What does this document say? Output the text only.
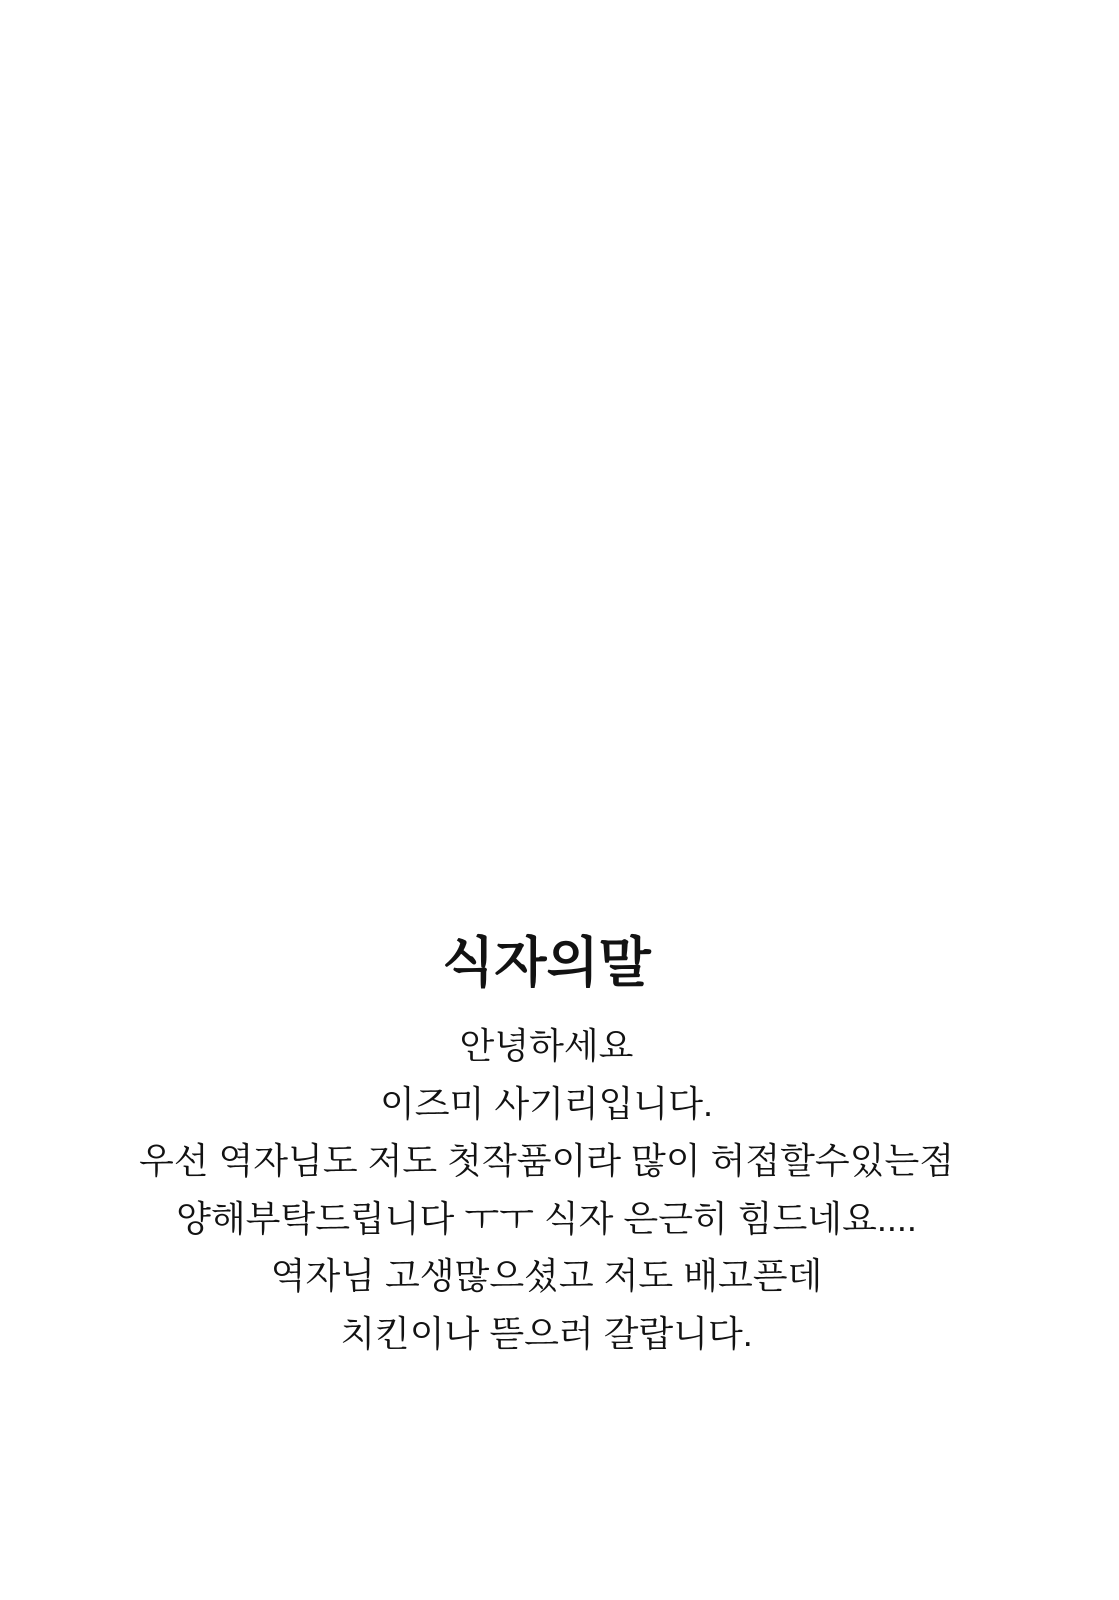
식자의말

안녕하세요

이즈미 사기리입니다.

우선 역자님도 저도 첫작품이라 많이 허접할수있는점

양해부탁드립니다 ㅜㅜ 식자 은근히 힘드네요....

역자님 고생많으셨고 저도 배고픈데

치킨이나 뜯으러 갈랍니다.
